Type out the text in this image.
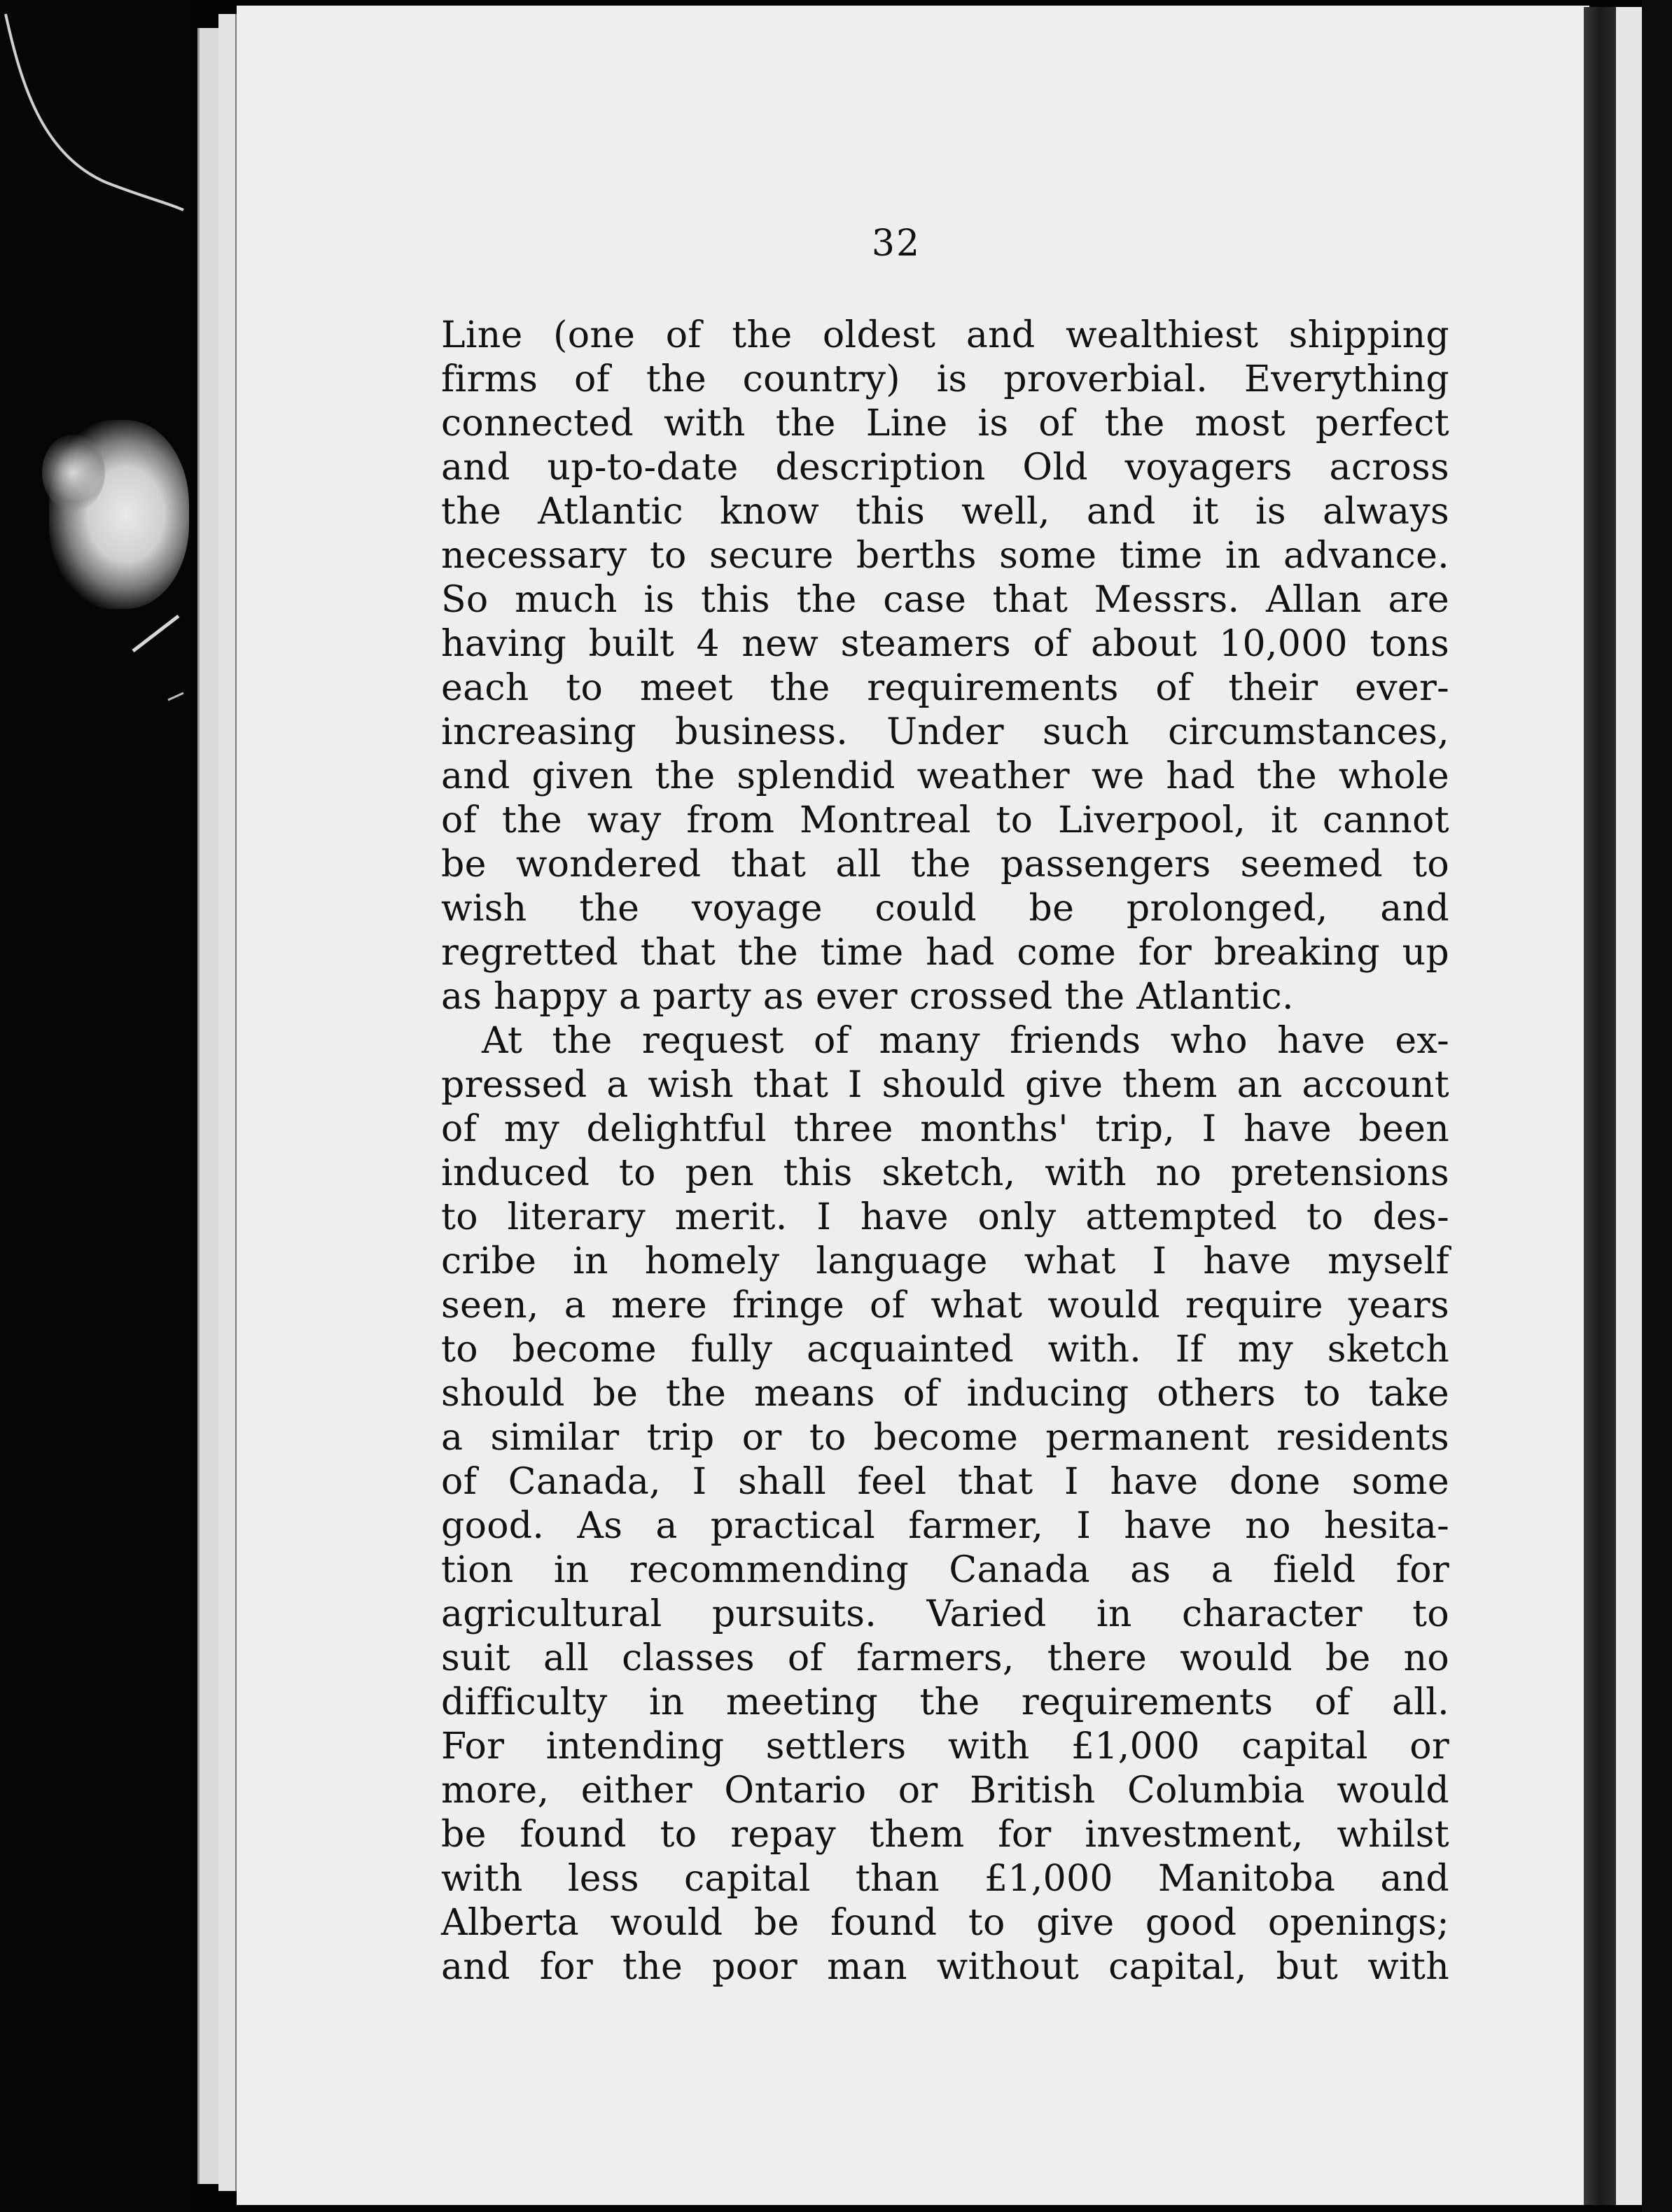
32
Line (one of the oldest and wealthiest shipping
firms of the country) is proverbial. Everything
connected with the Line is of the most perfect
and up-to-date description Old voyagers across
the Atlantic know this well, and it is always
necessary to secure berths some time in advance.
So much is this the case that Messrs. Allan are
having built 4 new steamers of about 10,000 tons
each to meet the requirements of their ever-
increasing business. Under such circumstances,
and given the splendid weather we had the whole
of the way from Montreal to Liverpool, it cannot
be wondered that all the passengers seemed to
wish the voyage could be prolonged, and
regretted that the time had come for breaking up
as happy a party as ever crossed the Atlantic.
At the request of many friends who have ex-
pressed a wish that I should give them an account
of my delightful three months' trip, I have been
induced to pen this sketch, with no pretensions
to literary merit. I have only attempted to des-
cribe in homely language what I have myself
seen, a mere fringe of what would require years
to become fully acquainted with. If my sketch
should be the means of inducing others to take
a similar trip or to become permanent residents
of Canada, I shall feel that I have done some
good. As a practical farmer, I have no hesita-
tion in recommending Canada as a field for
agricultural pursuits. Varied in character to
suit all classes of farmers, there would be no
difficulty in meeting the requirements of all.
For intending settlers with £1,000 capital or
more, either Ontario or British Columbia would
be found to repay them for investment, whilst
with less capital than £1,000 Manitoba and
Alberta would be found to give good openings;
and for the poor man without capital, but with
